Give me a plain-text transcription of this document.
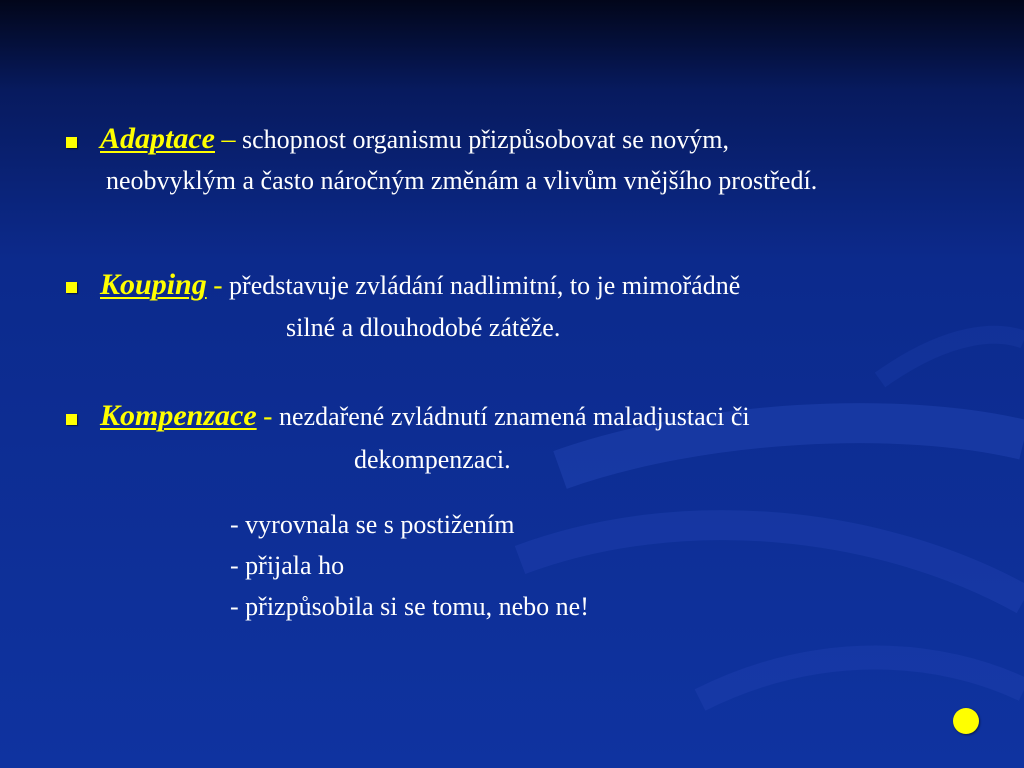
Adaptace – schopnost organismu přizpůsobovat se novým,
neobvyklým a často náročným změnám a vlivům vnějšího prostředí.
Kouping - představuje zvládání nadlimitní, to je mimořádně
silné a dlouhodobé zátěže.
Kompenzace - nezdařené zvládnutí znamená maladjustaci či
dekompenzaci.
- vyrovnala se s postižením
- přijala ho
- přizpůsobila si se tomu, nebo ne!
